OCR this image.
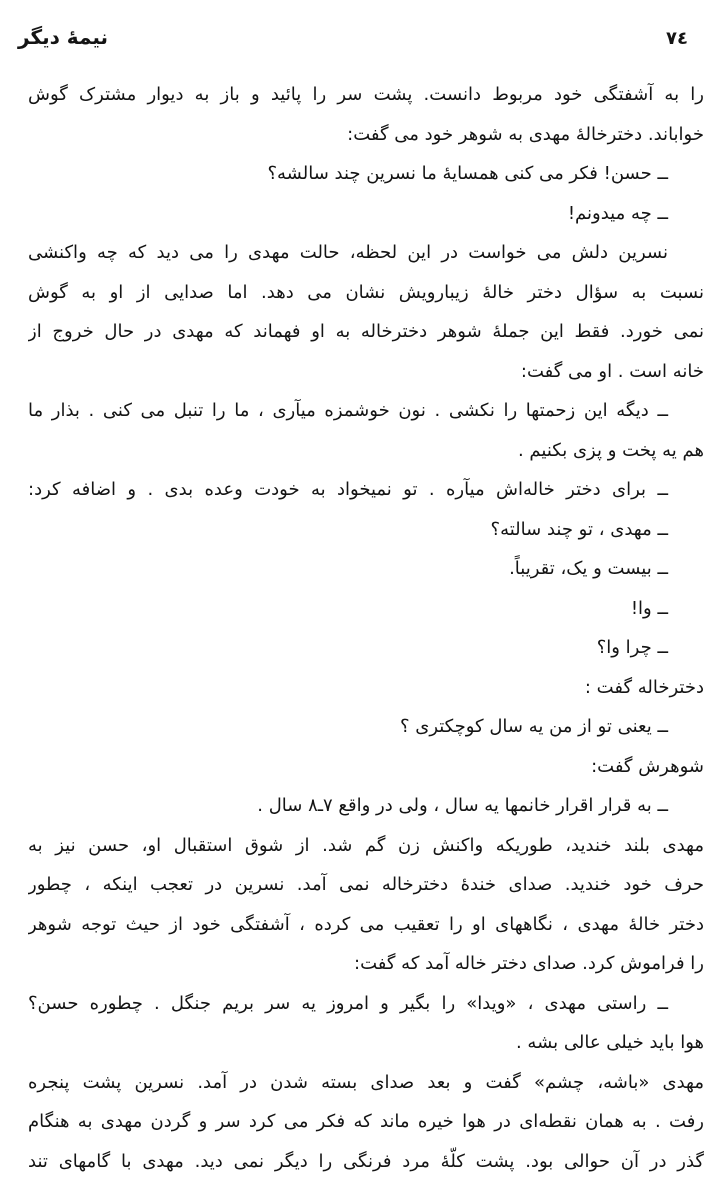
نیمهٔ دیگر	٧٤
را به آشفتگی خود مربوط دانست. پشت سر را پائید و باز به دیوار مشترک گوش
خواباند. دخترخالهٔ مهدی به شوهر خود می گفت:
ــ حسن! فکر می کنی همسایهٔ ما نسرین چند سالشه؟
ــ چه میدونم!
نسرین دلش می خواست در این لحظه، حالت مهدی را می دید که چه واکنشی
نسبت به سؤال دختر خالهٔ زیبارویش نشان می دهد. اما صدایی از او به گوش
نمی خورد. فقط این جملهٔ شوهر دخترخاله به او فهماند که مهدی در حال خروج از
خانه است . او می گفت:
ــ دیگه این زحمتها را نکشی . نون خوشمزه میآری ، ما را تنبل می کنی . بذار ما
هم یه پخت و پزی بکنیم .
ــ برای دختر خاله‌اش میآره . تو نمیخواد به خودت وعده بدی . و اضافه کرد:
ــ مهدی ، تو چند سالته؟
ــ بیست و یک، تقریباً.
ــ وا!
ــ چرا وا؟
دخترخاله گفت :
ــ یعنی تو از من یه سال کوچکتری ؟
شوهرش گفت:
ــ به قرار اقرار خانمها یه سال ، ولی در واقع ۷ـ۸ سال .
مهدی بلند خندید، طوریکه واکنش زن گم شد. از شوق استقبال او، حسن نیز به
حرف خود خندید. صدای خندهٔ دخترخاله نمی آمد. نسرین در تعجب اینکه ، چطور
دختر خالهٔ مهدی ، نگاههای او را تعقیب می کرده ، آشفتگی خود از حیث توجه شوهر
را فراموش کرد. صدای دختر خاله آمد که گفت:
ــ راستی مهدی ، «ویدا» را بگیر و امروز یه سر بریم جنگل . چطوره حسن؟
هوا باید خیلی عالی بشه .
مهدی «باشه، چشم» گفت و بعد صدای بسته شدن در آمد. نسرین پشت پنجره
رفت . به همان نقطه‌ای در هوا خیره ماند که فکر می کرد سر و گردن مهدی به هنگام
گذر در آن حوالی بود. پشت کلّهٔ مرد فرنگی را دیگر نمی دید. مهدی با گامهای تند
